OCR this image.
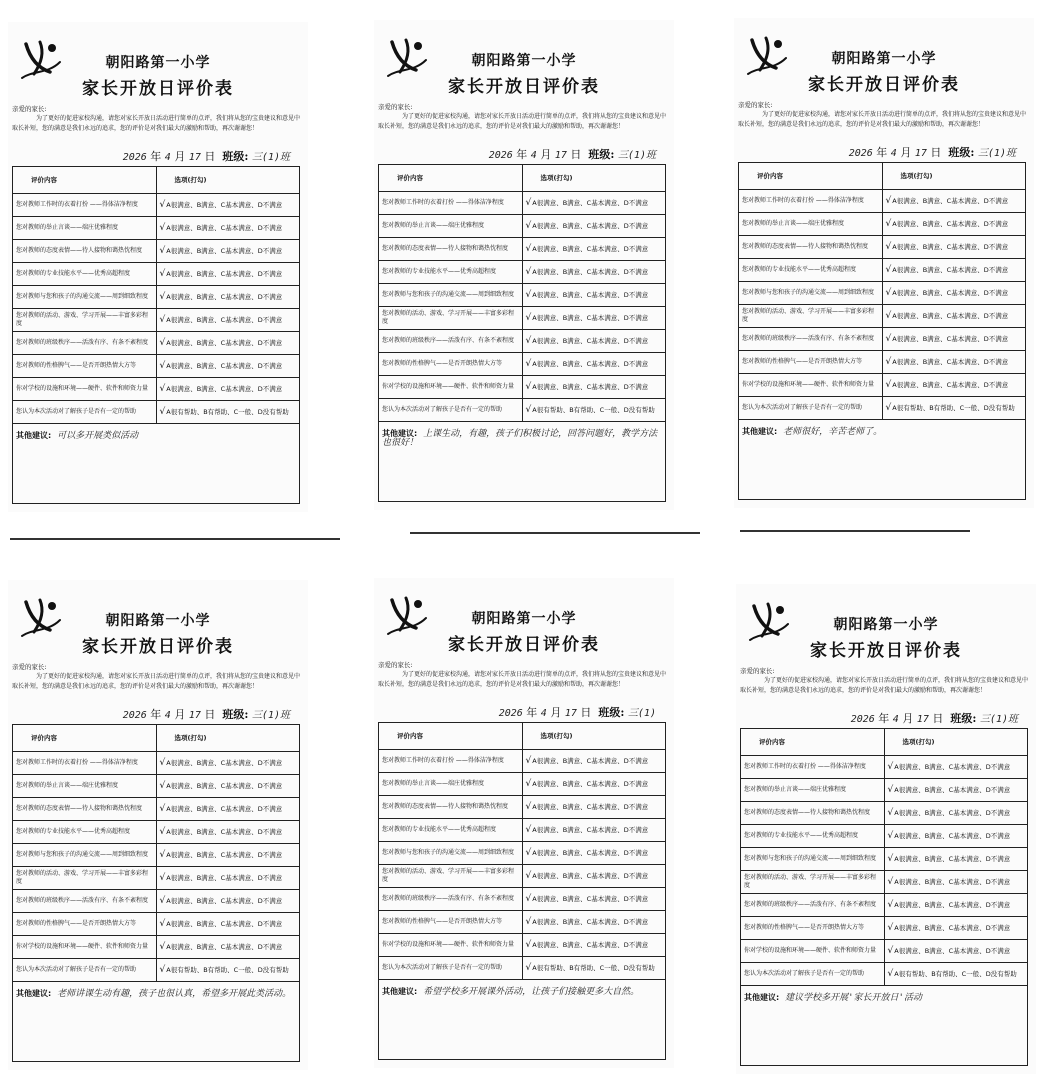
朝阳路第一小学
家长开放日评价表
亲爱的家长:
为了更好的促进家校沟通，请您对家长开放日活动进行简单的点评，我们将从您的宝贵建议和意见中取长补短，您的满意是我们永远的追求，您的评价是对我们最大的激励和帮助，再次谢谢您！
2026 年 4 月 17 日 班级: 三(1)班
评价内容	选项(打勾)
您对教师工作时的衣着打扮 ——得体洁净程度	√A很满意、B满意、C基本满意、D不满意
您对教师的举止言谈——端庄优雅程度	√A很满意、B满意、C基本满意、D不满意
您对教师的态度表情——待人接物和蔼热忱程度	√A很满意、B满意、C基本满意、D不满意
您对教师的专业技能水平——优秀高超程度	√A很满意、B满意、C基本满意、D不满意
您对教师与您和孩子的沟通交流——周到细致程度	√A很满意、B满意、C基本满意、D不满意
您对教师的活动、游戏、学习开展——丰富多彩程度	√A很满意、B满意、C基本满意、D不满意
您对教师的班级秩序——活泼有序、有条不紊程度	√A很满意、B满意、C基本满意、D不满意
您对教师的性格脾气——是否开朗热情大方等	√A很满意、B满意、C基本满意、D不满意
你对学校的设施和环境——硬件、软件和师资力量	√A很满意、B满意、C基本满意、D不满意
您认为本次活动对了解孩子是否有一定的帮助	√A很有帮助、B有帮助、C一般、D没有帮助
其他建议: 可以多开展类似活动	
朝阳路第一小学
家长开放日评价表
亲爱的家长:
为了更好的促进家校沟通，请您对家长开放日活动进行简单的点评，我们将从您的宝贵建议和意见中取长补短，您的满意是我们永远的追求，您的评价是对我们最大的激励和帮助，再次谢谢您！
2026 年 4 月 17 日 班级: 三(1)班
评价内容	选项(打勾)
您对教师工作时的衣着打扮 ——得体洁净程度	√A很满意、B满意、C基本满意、D不满意
您对教师的举止言谈——端庄优雅程度	√A很满意、B满意、C基本满意、D不满意
您对教师的态度表情——待人接物和蔼热忱程度	√A很满意、B满意、C基本满意、D不满意
您对教师的专业技能水平——优秀高超程度	√A很满意、B满意、C基本满意、D不满意
您对教师与您和孩子的沟通交流——周到细致程度	√A很满意、B满意、C基本满意、D不满意
您对教师的活动、游戏、学习开展——丰富多彩程度	√A很满意、B满意、C基本满意、D不满意
您对教师的班级秩序——活泼有序、有条不紊程度	√A很满意、B满意、C基本满意、D不满意
您对教师的性格脾气——是否开朗热情大方等	√A很满意、B满意、C基本满意、D不满意
你对学校的设施和环境——硬件、软件和师资力量	√A很满意、B满意、C基本满意、D不满意
您认为本次活动对了解孩子是否有一定的帮助	√A很有帮助、B有帮助、C一般、D没有帮助
其他建议: 上课生动，有趣，孩子们积极讨论，回答问题好，教学方法也很好！	
朝阳路第一小学
家长开放日评价表
亲爱的家长:
为了更好的促进家校沟通，请您对家长开放日活动进行简单的点评，我们将从您的宝贵建议和意见中取长补短，您的满意是我们永远的追求，您的评价是对我们最大的激励和帮助，再次谢谢您！
2026 年 4 月 17 日 班级: 三(1)班
评价内容	选项(打勾)
您对教师工作时的衣着打扮 ——得体洁净程度	√A很满意、B满意、C基本满意、D不满意
您对教师的举止言谈——端庄优雅程度	√A很满意、B满意、C基本满意、D不满意
您对教师的态度表情——待人接物和蔼热忱程度	√A很满意、B满意、C基本满意、D不满意
您对教师的专业技能水平——优秀高超程度	√A很满意、B满意、C基本满意、D不满意
您对教师与您和孩子的沟通交流——周到细致程度	√A很满意、B满意、C基本满意、D不满意
您对教师的活动、游戏、学习开展——丰富多彩程度	√A很满意、B满意、C基本满意、D不满意
您对教师的班级秩序——活泼有序、有条不紊程度	√A很满意、B满意、C基本满意、D不满意
您对教师的性格脾气——是否开朗热情大方等	√A很满意、B满意、C基本满意、D不满意
你对学校的设施和环境——硬件、软件和师资力量	√A很满意、B满意、C基本满意、D不满意
您认为本次活动对了解孩子是否有一定的帮助	√A很有帮助、B有帮助、C一般、D没有帮助
其他建议: 老师很好，辛苦老师了。	
朝阳路第一小学
家长开放日评价表
亲爱的家长:
为了更好的促进家校沟通，请您对家长开放日活动进行简单的点评，我们将从您的宝贵建议和意见中取长补短，您的满意是我们永远的追求，您的评价是对我们最大的激励和帮助，再次谢谢您！
2026 年 4 月 17 日 班级: 三(1)班
评价内容	选项(打勾)
您对教师工作时的衣着打扮 ——得体洁净程度	√A很满意、B满意、C基本满意、D不满意
您对教师的举止言谈——端庄优雅程度	√A很满意、B满意、C基本满意、D不满意
您对教师的态度表情——待人接物和蔼热忱程度	√A很满意、B满意、C基本满意、D不满意
您对教师的专业技能水平——优秀高超程度	√A很满意、B满意、C基本满意、D不满意
您对教师与您和孩子的沟通交流——周到细致程度	√A很满意、B满意、C基本满意、D不满意
您对教师的活动、游戏、学习开展——丰富多彩程度	√A很满意、B满意、C基本满意、D不满意
您对教师的班级秩序——活泼有序、有条不紊程度	√A很满意、B满意、C基本满意、D不满意
您对教师的性格脾气——是否开朗热情大方等	√A很满意、B满意、C基本满意、D不满意
你对学校的设施和环境——硬件、软件和师资力量	√A很满意、B满意、C基本满意、D不满意
您认为本次活动对了解孩子是否有一定的帮助	√A很有帮助、B有帮助、C一般、D没有帮助
其他建议: 老师讲课生动有趣，孩子也很认真，希望多开展此类活动。	
朝阳路第一小学
家长开放日评价表
亲爱的家长:
为了更好的促进家校沟通，请您对家长开放日活动进行简单的点评，我们将从您的宝贵建议和意见中取长补短，您的满意是我们永远的追求，您的评价是对我们最大的激励和帮助，再次谢谢您！
2026 年 4 月 17 日 班级: 三(1)
评价内容	选项(打勾)
您对教师工作时的衣着打扮 ——得体洁净程度	√A很满意、B满意、C基本满意、D不满意
您对教师的举止言谈——端庄优雅程度	√A很满意、B满意、C基本满意、D不满意
您对教师的态度表情——待人接物和蔼热忱程度	√A很满意、B满意、C基本满意、D不满意
您对教师的专业技能水平——优秀高超程度	√A很满意、B满意、C基本满意、D不满意
您对教师与您和孩子的沟通交流——周到细致程度	√A很满意、B满意、C基本满意、D不满意
您对教师的活动、游戏、学习开展——丰富多彩程度	√A很满意、B满意、C基本满意、D不满意
您对教师的班级秩序——活泼有序、有条不紊程度	√A很满意、B满意、C基本满意、D不满意
您对教师的性格脾气——是否开朗热情大方等	√A很满意、B满意、C基本满意、D不满意
你对学校的设施和环境——硬件、软件和师资力量	√A很满意、B满意、C基本满意、D不满意
您认为本次活动对了解孩子是否有一定的帮助	√A很有帮助、B有帮助、C一般、D没有帮助
其他建议: 希望学校多开展课外活动，让孩子们接触更多大自然。	
朝阳路第一小学
家长开放日评价表
亲爱的家长:
为了更好的促进家校沟通，请您对家长开放日活动进行简单的点评，我们将从您的宝贵建议和意见中取长补短，您的满意是我们永远的追求，您的评价是对我们最大的激励和帮助，再次谢谢您！
2026 年 4 月 17 日 班级: 三(1)班
评价内容	选项(打勾)
您对教师工作时的衣着打扮 ——得体洁净程度	√A很满意、B满意、C基本满意、D不满意
您对教师的举止言谈——端庄优雅程度	√A很满意、B满意、C基本满意、D不满意
您对教师的态度表情——待人接物和蔼热忱程度	√A很满意、B满意、C基本满意、D不满意
您对教师的专业技能水平——优秀高超程度	√A很满意、B满意、C基本满意、D不满意
您对教师与您和孩子的沟通交流——周到细致程度	√A很满意、B满意、C基本满意、D不满意
您对教师的活动、游戏、学习开展——丰富多彩程度	√A很满意、B满意、C基本满意、D不满意
您对教师的班级秩序——活泼有序、有条不紊程度	√A很满意、B满意、C基本满意、D不满意
您对教师的性格脾气——是否开朗热情大方等	√A很满意、B满意、C基本满意、D不满意
你对学校的设施和环境——硬件、软件和师资力量	√A很满意、B满意、C基本满意、D不满意
您认为本次活动对了解孩子是否有一定的帮助	√A很有帮助、B有帮助、C一般、D没有帮助
其他建议: 建议学校多开展'家长开放日'活动	
